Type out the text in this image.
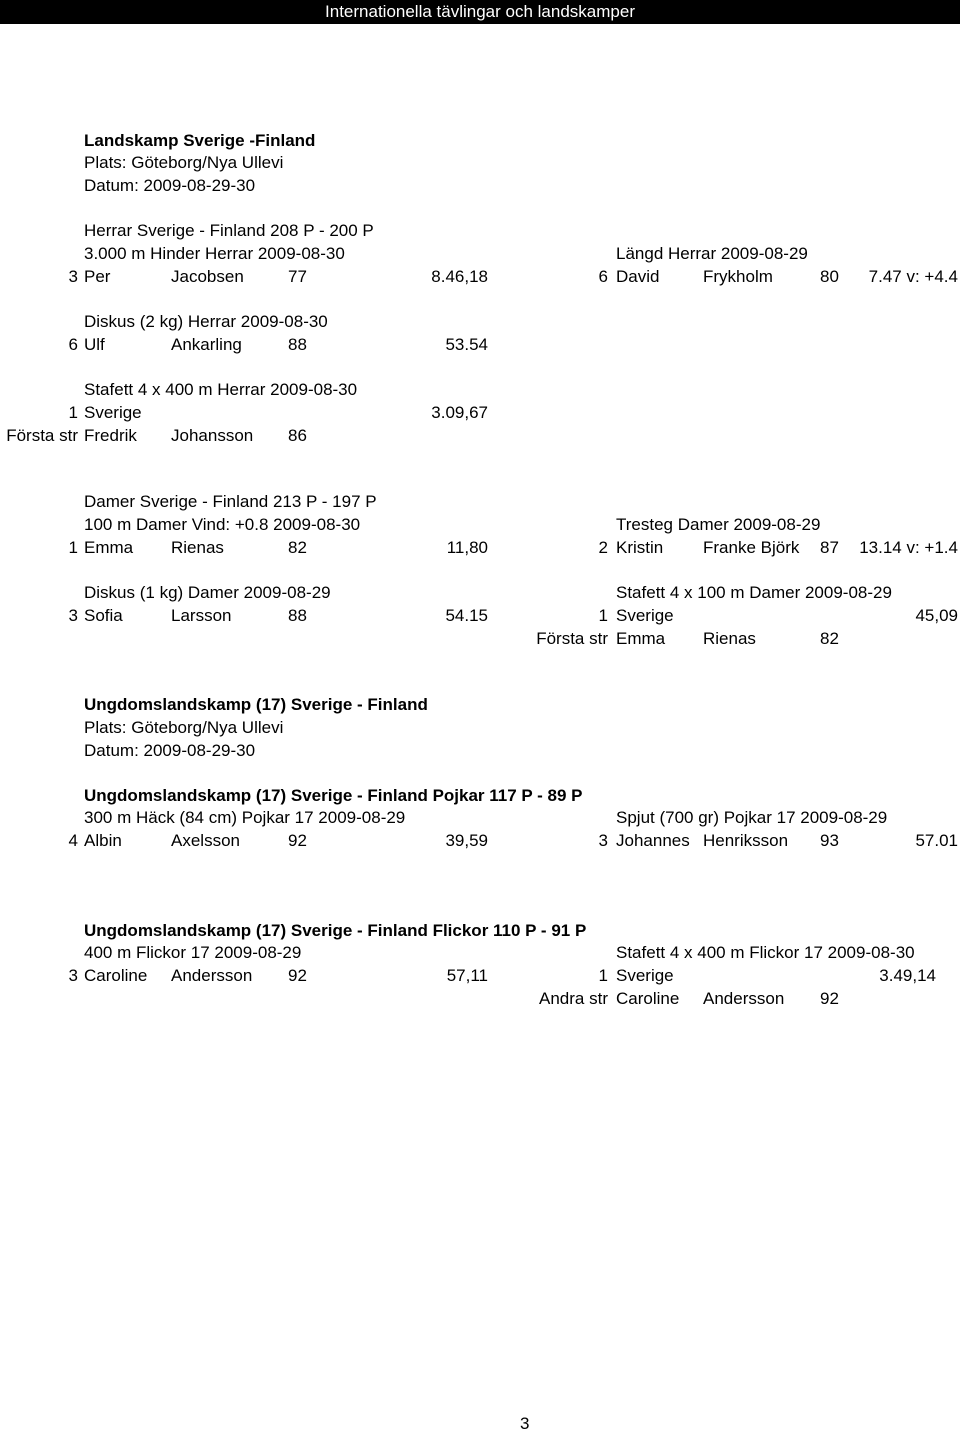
Internationella tävlingar och landskamper
Landskamp Sverige -Finland
Plats: Göteborg/Nya Ullevi
Datum: 2009-08-29-30
Herrar Sverige - Finland 208 P - 200 P
3.000 m Hinder Herrar 2009-08-30
3 Per	Jacobsen	77	8.46,18
Längd Herrar 2009-08-29
6 David	Frykholm	80	7.47 v: +4.4
Diskus (2 kg) Herrar 2009-08-30
6 Ulf	Ankarling	88	53.54
Stafett 4 x 400 m Herrar 2009-08-30
1 Sverige	3.09,67
Första str Fredrik Johansson 86
Damer Sverige - Finland 213 P - 197 P
100 m Damer Vind: +0.8 2009-08-30
1 Emma Rienas	82	11,80
Tresteg Damer 2009-08-29
2 Kristin Franke Björk 87	13.14 v: +1.4
Diskus (1 kg) Damer 2009-08-29
3 Sofia	Larsson	88	54.15
Stafett 4 x 100 m Damer 2009-08-29
1 Sverige	45,09
Första str Emma Rienas	82
Ungdomslandskamp (17) Sverige - Finland
Plats: Göteborg/Nya Ullevi
Datum: 2009-08-29-30
Ungdomslandskamp (17) Sverige - Finland Pojkar 117 P - 89 P
300 m Häck (84 cm) Pojkar 17 2009-08-29
4 Albin	Axelsson	92	39,59
Spjut (700 gr) Pojkar 17 2009-08-29
3 Johannes Henriksson 93	57.01
Ungdomslandskamp (17) Sverige - Finland Flickor 110 P - 91 P
400 m Flickor 17 2009-08-29
3 Caroline Andersson 92	57,11
Stafett 4 x 400 m Flickor 17 2009-08-30
1 Sverige	3.49,14
Andra str Caroline Andersson 92
3
